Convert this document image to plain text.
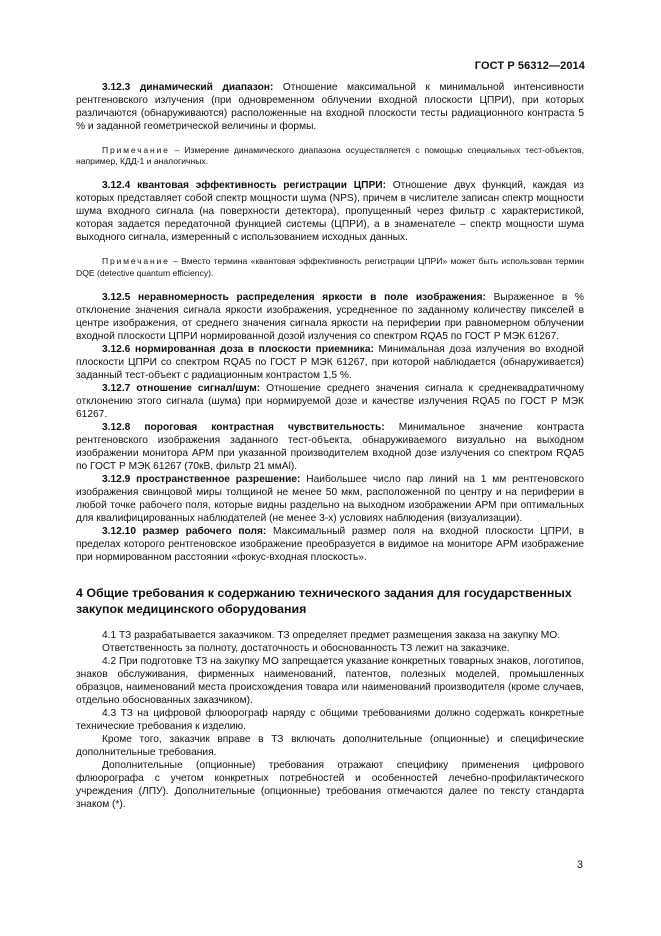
ГОСТ Р 56312—2014

3.12.3 динамический диапазон: Отношение максимальной к минимальной интенсивности рентгеновского излучения (при одновременном облучении входной плоскости ЦПРИ), при которых различаются (обнаруживаются) расположенные на входной плоскости тесты радиационного контраста 5 % и заданной геометрической величины и формы.

Примечание – Измерение динамического диапазона осуществляется с помощью специальных тест-объектов, например, КДД-1 и аналогичных.

3.12.4 квантовая эффективность регистрации ЦПРИ: Отношение двух функций, каждая из которых представляет собой спектр мощности шума (NPS), причем в числителе записан спектр мощности шума входного сигнала (на поверхности детектора), пропущенный через фильтр с характеристикой, которая задается передаточной функцией системы (ЦПРИ), а в знаменателе – спектр мощности шума выходного сигнала, измеренный с использованием исходных данных.

Примечание – Вместо термина «квантовая эффективность регистрации ЦПРИ» может быть использован термин DQE (detective quantum efficiency).

3.12.5 неравномерность распределения яркости в поле изображения: Выраженное в % отклонение значения сигнала яркости изображения, усредненное по заданному количеству пикселей в центре изображения, от среднего значения сигнала яркости на периферии при равномерном облучении входной плоскости ЦПРИ нормированной дозой излучения со спектром RQA5 по ГОСТ Р МЭК 61267.

3.12.6 нормированная доза в плоскости приемника: Минимальная доза излучения во входной плоскости ЦПРИ со спектром RQA5 по ГОСТ Р МЭК 61267, при которой наблюдается (обнаруживается) заданный тест-объект с радиационным контрастом 1,5 %.

3.12.7 отношение сигнал/шум: Отношение среднего значения сигнала к среднеквадратичному отклонению этого сигнала (шума) при нормируемой дозе и качестве излучения RQA5 по ГОСТ Р МЭК 61267.

3.12.8 пороговая контрастная чувствительность: Минимальное значение контраста рентгеновского изображения заданного тест-объекта, обнаруживаемого визуально на выходном изображении монитора АРМ при указанной производителем входной дозе излучения со спектром RQA5 по ГОСТ Р МЭК 61267 (70кВ, фильтр 21 ммАl).

3.12.9 пространственное разрешение: Наибольшее число пар линий на 1 мм рентгеновского изображения свинцовой миры толщиной не менее 50 мкм, расположенной по центру и на периферии в любой точке рабочего поля, которые видны раздельно на выходном изображении АРМ при оптимальных для квалифицированных наблюдателей (не менее 3-х) условиях наблюдения (визуализации).

3.12.10 размер рабочего поля: Максимальный размер поля на входной плоскости ЦПРИ, в пределах которого рентгеновское изображение преобразуется в видимое на мониторе АРМ изображение при нормированном расстоянии «фокус-входная плоскость».

4 Общие требования к содержанию технического задания для государственных закупок медицинского оборудования

4.1 ТЗ разрабатывается заказчиком. ТЗ определяет предмет размещения заказа на закупку МО.

Ответственность за полноту, достаточность и обоснованность ТЗ лежит на заказчике.

4.2 При подготовке ТЗ на закупку МО запрещается указание конкретных товарных знаков, логотипов, знаков обслуживания, фирменных наименований, патентов, полезных моделей, промышленных образцов, наименований места происхождения товара или наименований производителя (кроме случаев, отдельно обоснованных заказчиком).

4.3 ТЗ на цифровой флюорограф наряду с общими требованиями должно содержать конкретные технические требования к изделию.

Кроме того, заказчик вправе в ТЗ включать дополнительные (опционные) и специфические дополнительные требования.

Дополнительные (опционные) требования отражают специфику применения цифрового флюорографа с учетом конкретных потребностей и особенностей лечебно-профилактического учреждения (ЛПУ). Дополнительные (опционные) требования отмечаются далее по тексту стандарта знаком (*).

3
